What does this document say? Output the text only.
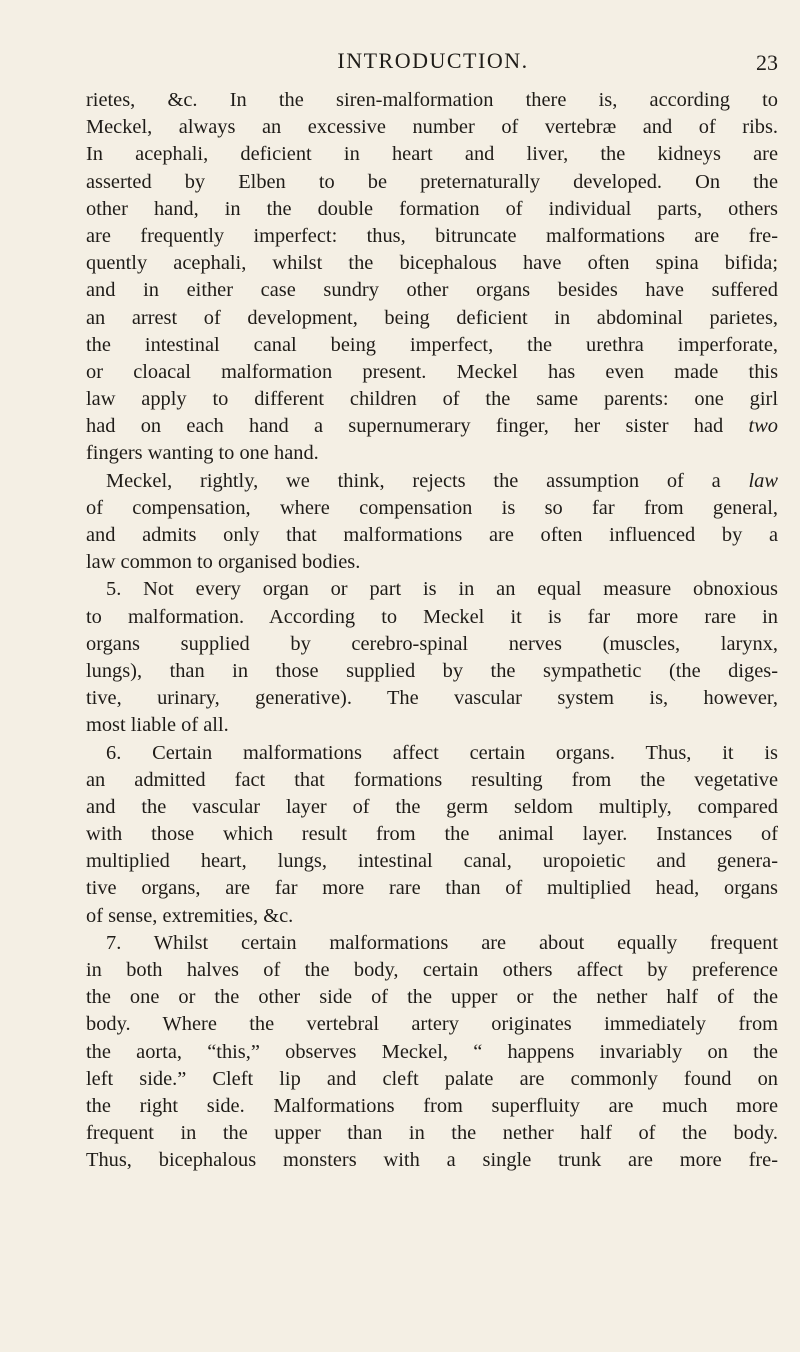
INTRODUCTION.	23
rietes, &c. In the siren-malformation there is, according to
Meckel, always an excessive number of vertebræ and of ribs.
In acephali, deficient in heart and liver, the kidneys are
asserted by Elben to be preternaturally developed. On the
other hand, in the double formation of individual parts, others
are frequently imperfect: thus, bitruncate malformations are fre-
quently acephali, whilst the bicephalous have often spina bifida;
and in either case sundry other organs besides have suffered
an arrest of development, being deficient in abdominal parietes,
the intestinal canal being imperfect, the urethra imperforate,
or cloacal malformation present. Meckel has even made this
law apply to different children of the same parents: one girl
had on each hand a supernumerary finger, her sister had two
fingers wanting to one hand.
Meckel, rightly, we think, rejects the assumption of a law
of compensation, where compensation is so far from general,
and admits only that malformations are often influenced by a
law common to organised bodies.
5. Not every organ or part is in an equal measure obnoxious
to malformation. According to Meckel it is far more rare in
organs supplied by cerebro-spinal nerves (muscles, larynx,
lungs), than in those supplied by the sympathetic (the diges-
tive, urinary, generative). The vascular system is, however,
most liable of all.
6. Certain malformations affect certain organs. Thus, it is
an admitted fact that formations resulting from the vegetative
and the vascular layer of the germ seldom multiply, compared
with those which result from the animal layer. Instances of
multiplied heart, lungs, intestinal canal, uropoietic and genera-
tive organs, are far more rare than of multiplied head, organs
of sense, extremities, &c.
7. Whilst certain malformations are about equally frequent
in both halves of the body, certain others affect by preference
the one or the other side of the upper or the nether half of the
body. Where the vertebral artery originates immediately from
the aorta, “this,” observes Meckel, “ happens invariably on the
left side.” Cleft lip and cleft palate are commonly found on
the right side. Malformations from superfluity are much more
frequent in the upper than in the nether half of the body.
Thus, bicephalous monsters with a single trunk are more fre-
